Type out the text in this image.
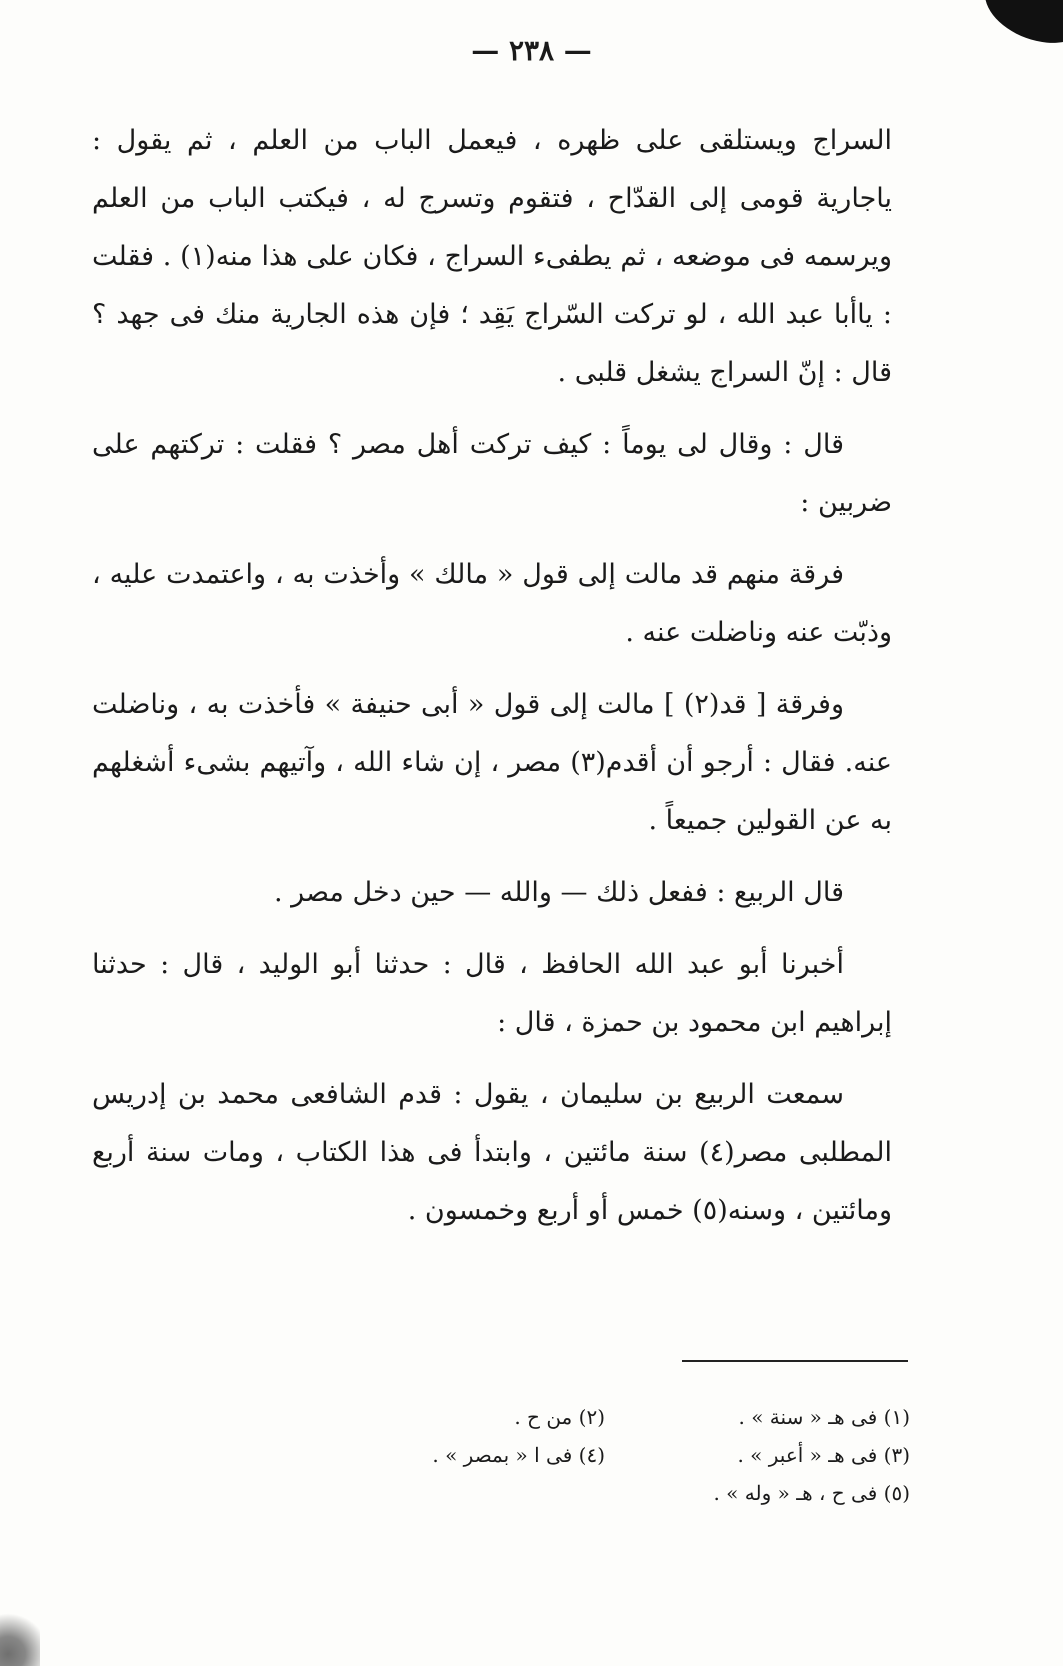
— ٢٣٨ —

السراج ويستلقى على ظهره ، فيعمل الباب من العلم ، ثم يقول : ياجارية قومى إلى القدّاح ، فتقوم وتسرج له ، فيكتب الباب من العلم ويرسمه فى موضعه ، ثم يطفىء السراج ، فكان على هذا منه(١) . فقلت : ياأبا عبد الله ، لو تركت السّراج يَقِد ؛ فإن هذه الجارية منك فى جهد ؟ قال : إنّ السراج يشغل قلبى .

قال : وقال لى يوماً : كيف تركت أهل مصر ؟ فقلت : تركتهم على ضربين :

فرقة منهم قد مالت إلى قول « مالك » وأخذت به ، واعتمدت عليه ، وذبّت عنه وناضلت عنه .

وفرقة [ قد(٢) ] مالت إلى قول « أبى حنيفة » فأخذت به ، وناضلت عنه. فقال : أرجو أن أقدم(٣) مصر ، إن شاء الله ، وآتيهم بشىء أشغلهم به عن القولين جميعاً .

قال الربيع : ففعل ذلك — والله — حين دخل مصر .

أخبرنا أبو عبد الله الحافظ ، قال : حدثنا أبو الوليد ، قال : حدثنا إبراهيم ابن محمود بن حمزة ، قال :

سمعت الربيع بن سليمان ، يقول : قدم الشافعى محمد بن إدريس المطلبى مصر(٤) سنة مائتين ، وابتدأ فى هذا الكتاب ، ومات سنة أربع ومائتين ، وسنه(٥) خمس أو أربع وخمسون .

(١) فى هـ « سنة » .
(٢) من ح .
(٣) فى هـ « أعبر » .
(٤) فى ا « بمصر » .
(٥) فى ح ، هـ « وله » .
